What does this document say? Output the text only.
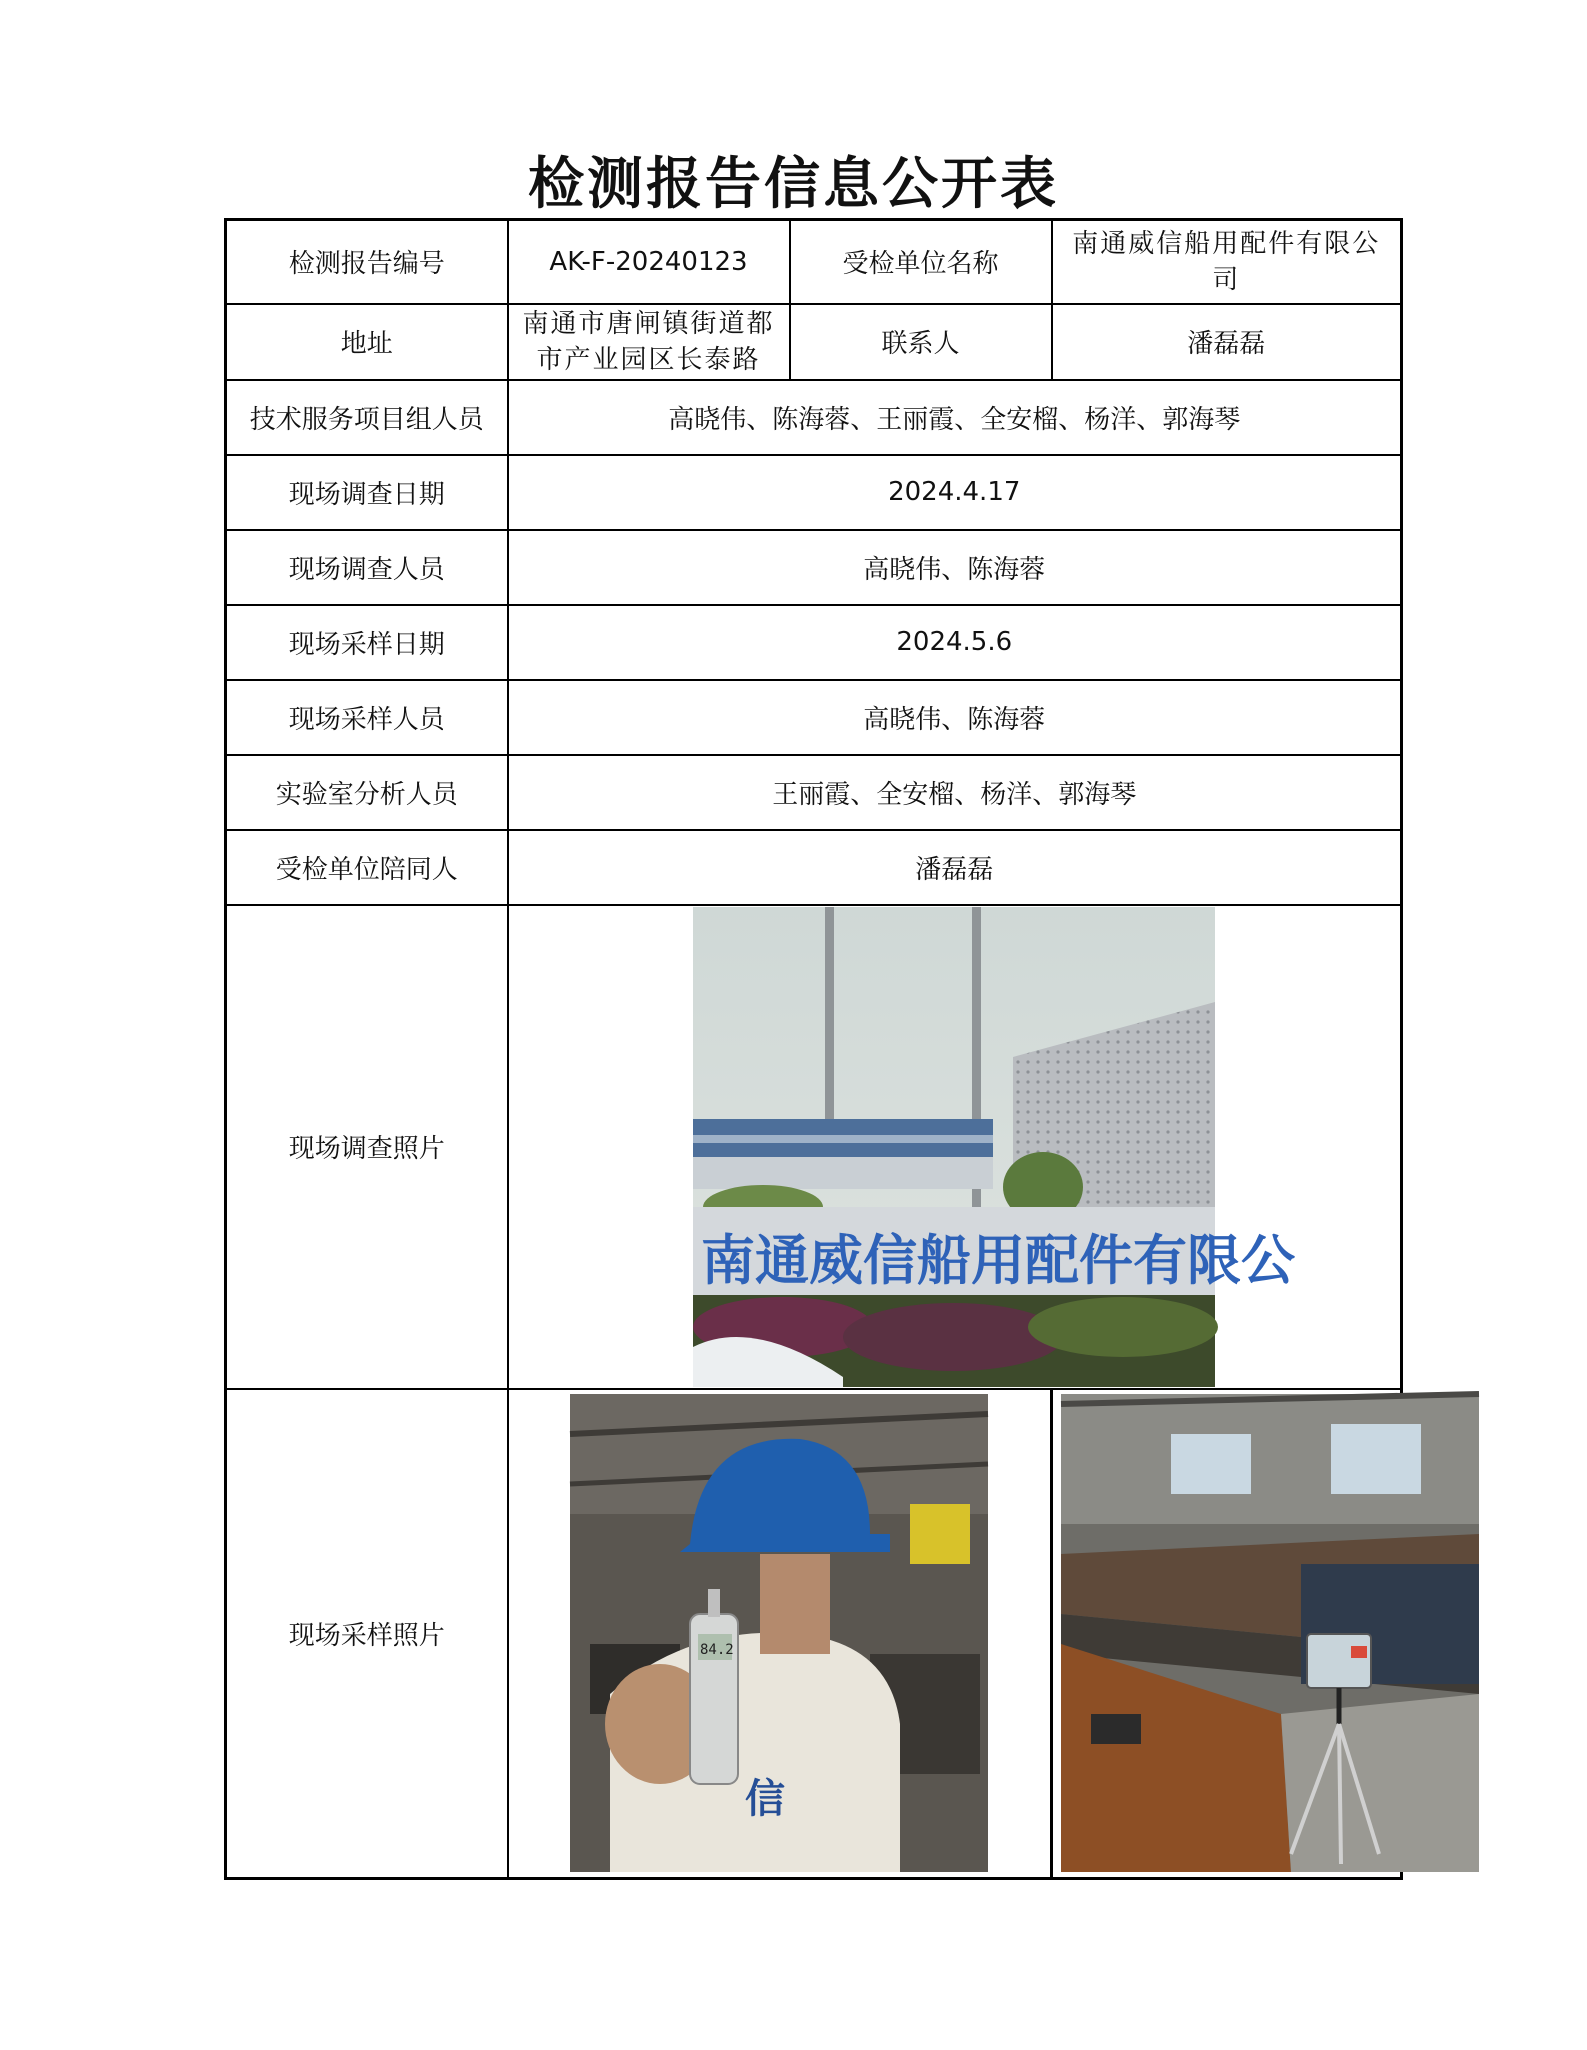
检测报告信息公开表
检测报告编号	AK-F-20240123	受检单位名称	南通威信船用配件有限公司
地址	南通市唐闸镇街道都市产业园区长泰路	联系人	潘磊磊
技术服务项目组人员	高晓伟、陈海蓉、王丽霞、全安榴、杨洋、郭海琴		
现场调查日期	2024.4.17		
现场调查人员	高晓伟、陈海蓉		
现场采样日期	2024.5.6		
现场采样人员	高晓伟、陈海蓉		
实验室分析人员	王丽霞、全安榴、杨洋、郭海琴		
受检单位陪同人	潘磊磊		
现场调查照片	南通威信船用配件有限公		

现场采样照片	信
84.2
